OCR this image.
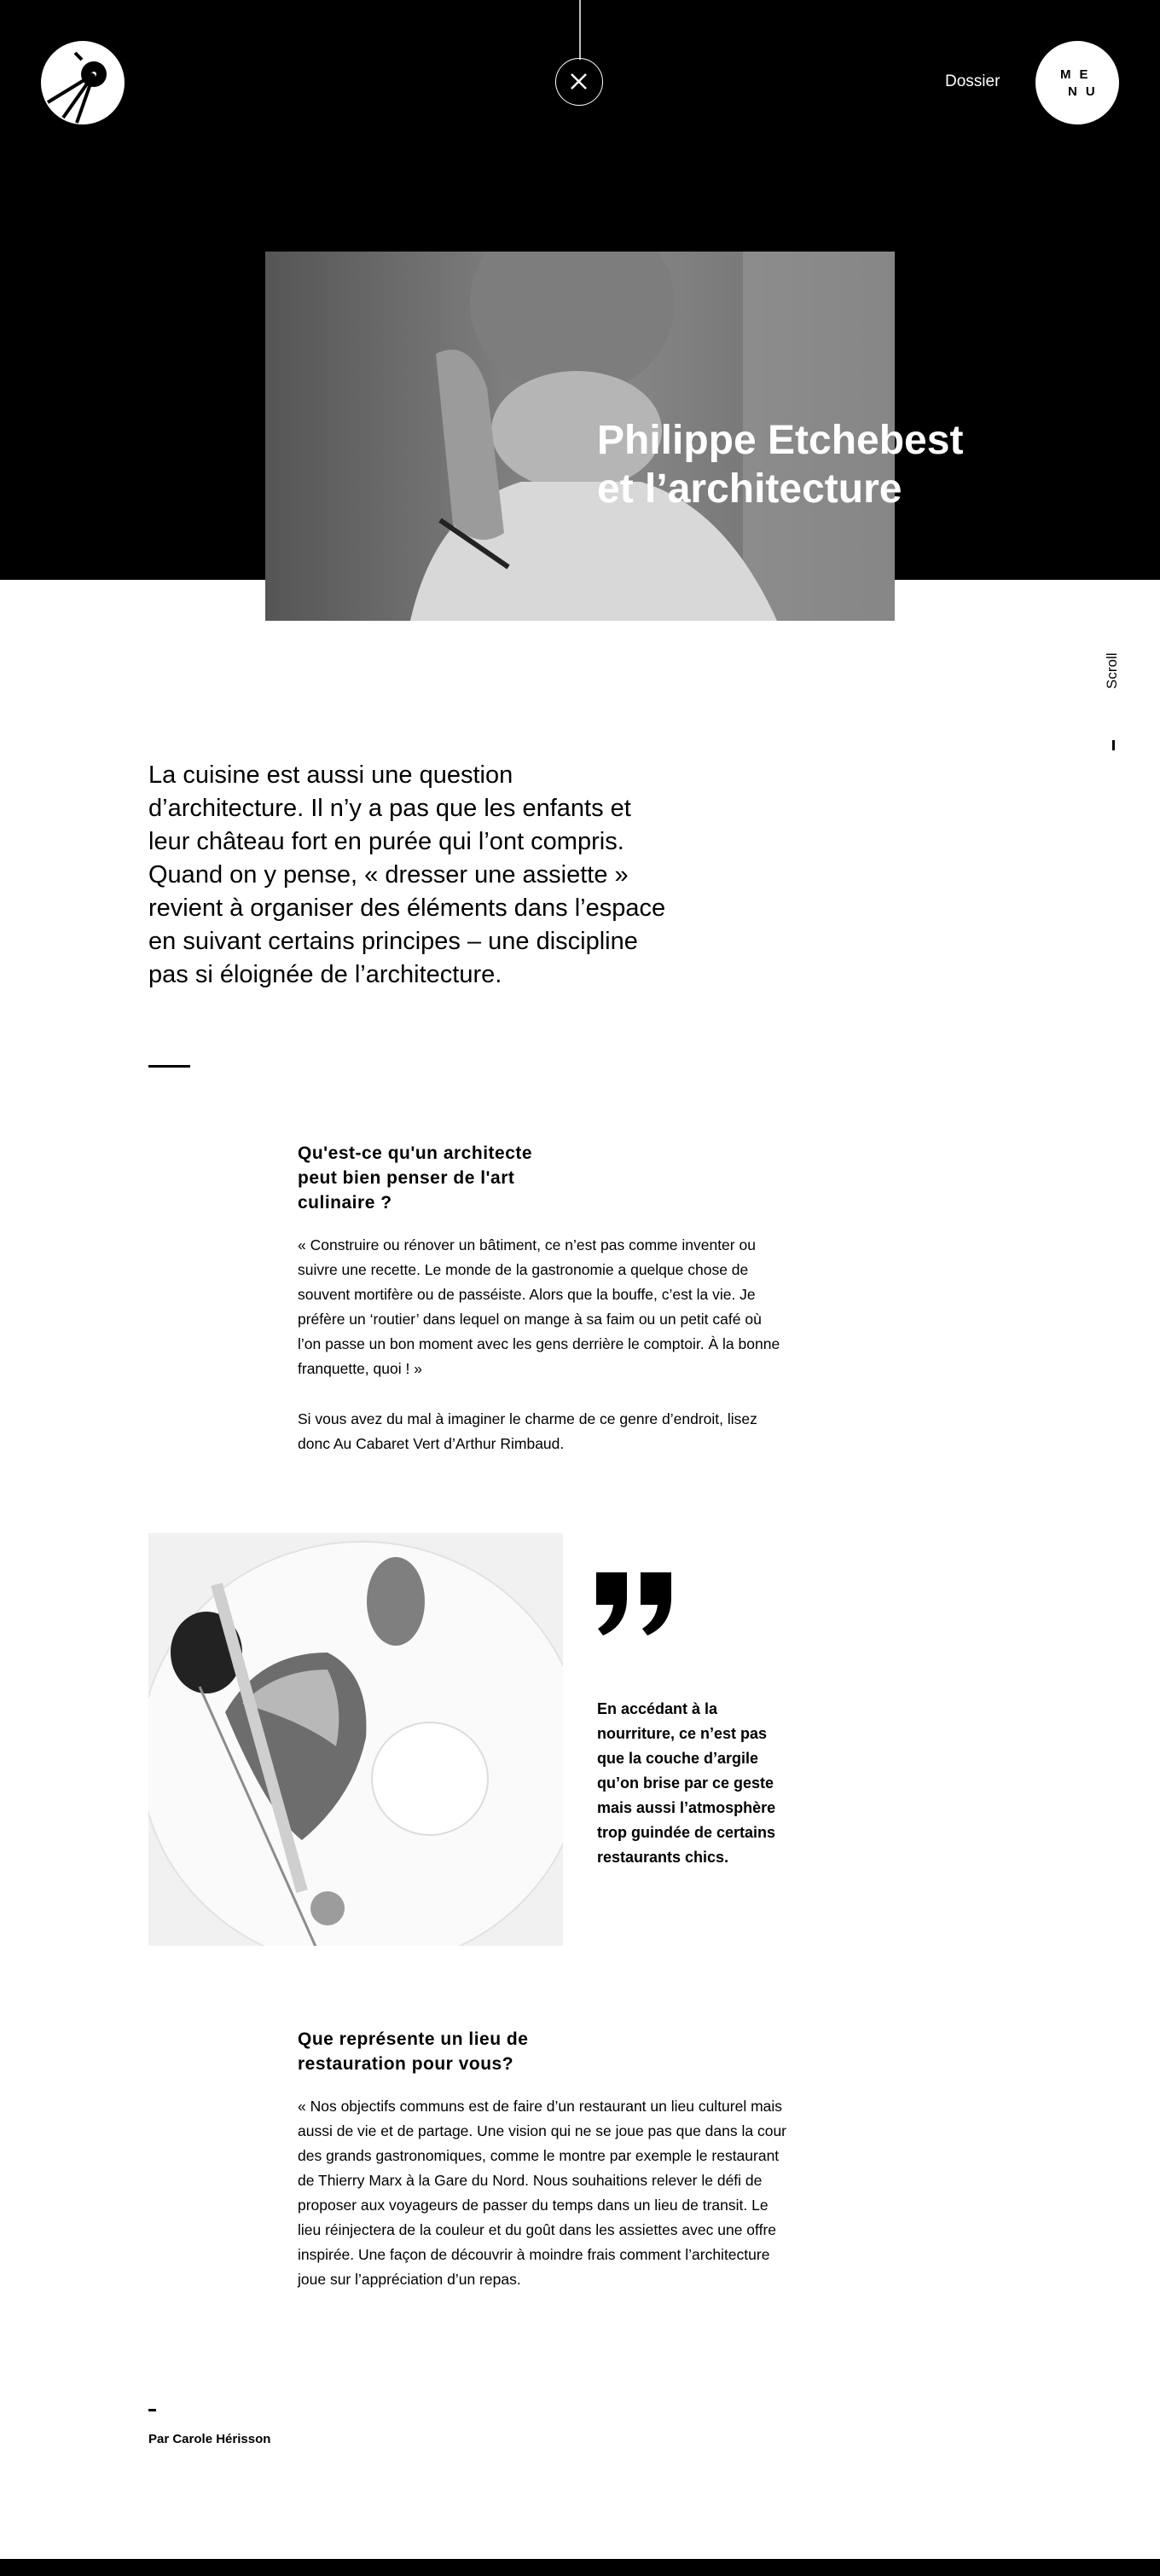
Dossier	ME
NU
Philippe Etchebest
et l’architecture
Scroll
La cuisine est aussi une question
d’architecture. Il n’y a pas que les enfants et
leur château fort en purée qui l’ont compris.
Quand on y pense, « dresser une assiette »
revient à organiser des éléments dans l’espace
en suivant certains principes – une discipline
pas si éloignée de l’architecture.
Qu'est-ce qu'un architecte
peut bien penser de l'art
culinaire ?
« Construire ou rénover un bâtiment, ce n’est pas comme inventer ou
suivre une recette. Le monde de la gastronomie a quelque chose de
souvent mortifère ou de passéiste. Alors que la bouffe, c’est la vie. Je
préfère un ‘routier’ dans lequel on mange à sa faim ou un petit café où
l’on passe un bon moment avec les gens derrière le comptoir. À la bonne
franquette, quoi ! »
Si vous avez du mal à imaginer le charme de ce genre d’endroit, lisez
donc Au Cabaret Vert d’Arthur Rimbaud.
En accédant à la
nourriture, ce n’est pas
que la couche d’argile
qu’on brise par ce geste
mais aussi l’atmosphère
trop guindée de certains
restaurants chics.
Que représente un lieu de
restauration pour vous?
« Nos objectifs communs est de faire d’un restaurant un lieu culturel mais
aussi de vie et de partage. Une vision qui ne se joue pas que dans la cour
des grands gastronomiques, comme le montre par exemple le restaurant
de Thierry Marx à la Gare du Nord. Nous souhaitions relever le défi de
proposer aux voyageurs de passer du temps dans un lieu de transit. Le
lieu réinjectera de la couleur et du goût dans les assiettes avec une offre
inspirée. Une façon de découvrir à moindre frais comment l’architecture
joue sur l’appréciation d’un repas.
Par Carole Hérisson
